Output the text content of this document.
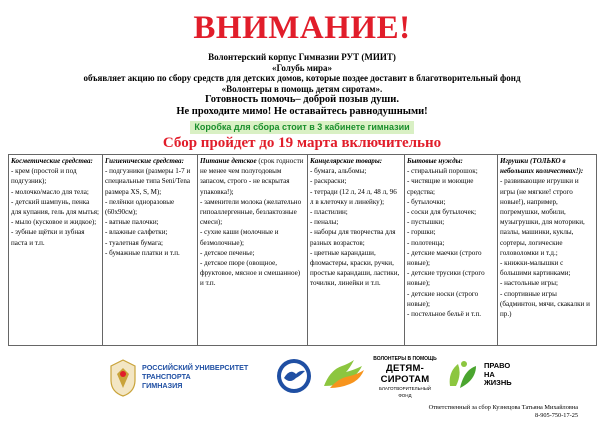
ВНИМАНИЕ!
Волонтерский корпус Гимназии РУТ (МИИТ)
«Голубь мира»
объявляет акцию по сбору средств для детских домов, которые поздее доставит в благотворительный фонд
«Волонтеры в помощь детям сиротам».
Готовность помочь– доброй позыв души.
Не проходите мимо! Не оставайтесь равнодушными!
Коробка для сбора стоит в 3 кабинете гимназии
Сбор пройдет до 19 марта включительно
Косметические средства:
- крем (простой и под подгузник);
- молочко/масло для тела;
- детский шампунь, пенка для купания, гель для мытья;
- мыло (кусковое и жидкое);
- зубные щётки и зубная паста и т.п.
	Гигиенические средства:
- подгузники (размеры 1-7 и специальные типа Seni/Tena размера XS, S, M);
- пелёнки одноразовые (60х90см);
- ватные палочки;
- влажные салфетки;
- туалетная бумага;
- бумажные платки и т.п.
	Питание детское (срок годности не менее чем полугодовым запасом, строго - не вскрытая упаковка!);
- заменители молока (желательно гипоаллергенные, безлактозные смеси);
- сухие каши (молочные и безмолочные);
- детское печенье;
- детское пюре (овощное, фруктовое, мясное и смешанное) и т.п.
	Канцелярские товары:
- бумага, альбомы;
- раскраски;
- тетради (12 л, 24 л, 48 л, 96 л в клеточку и линейку);
- пластилин;
- пеналы;
- наборы для творчества для разных возрастов;
- цветные карандаши, фломастеры, краски, ручки, простые карандаши, ластики, точилки, линейки и т.п.
	Бытовые нужды:
- стиральный порошок;
- чистящие и моющие средства;
- бутылочки;
- соски для бутылочек;
- пустышки;
- горшки;
- полотенца;
- детские маечки (строго новые);
- детские трусики (строго новые);
- детские носки (строго новые);
- постельное бельё и т.п.
	Игрушки (ТОЛЬКО в небольших количествах!):
- развивающие игрушки и игры (не мягкие! строго новые!), например, погремушки, мобили, музыгрушки, для моторики, пазлы, машинки, куклы, сортеры, логические головоломки и т.д.;
- книжки-малышки с большими картинками;
- настольные игры;
- спортивные игры (бадминтон, мячи, скакалки и пр.)
РОССИЙСКИЙ УНИВЕРСИТЕТ
ТРАНСПОРТА
ГИМНАЗИЯ
ВОЛОНТЕРЫ В ПОМОЩЬ
ДЕТЯМ-СИРОТАМ
БЛАГОТВОРИТЕЛЬНЫЙ ФОНД
ПРАВО
НА
ЖИЗНЬ
Ответственный за сбор Кузнецова Татьяна Михайловна
8-905-750-17-25
